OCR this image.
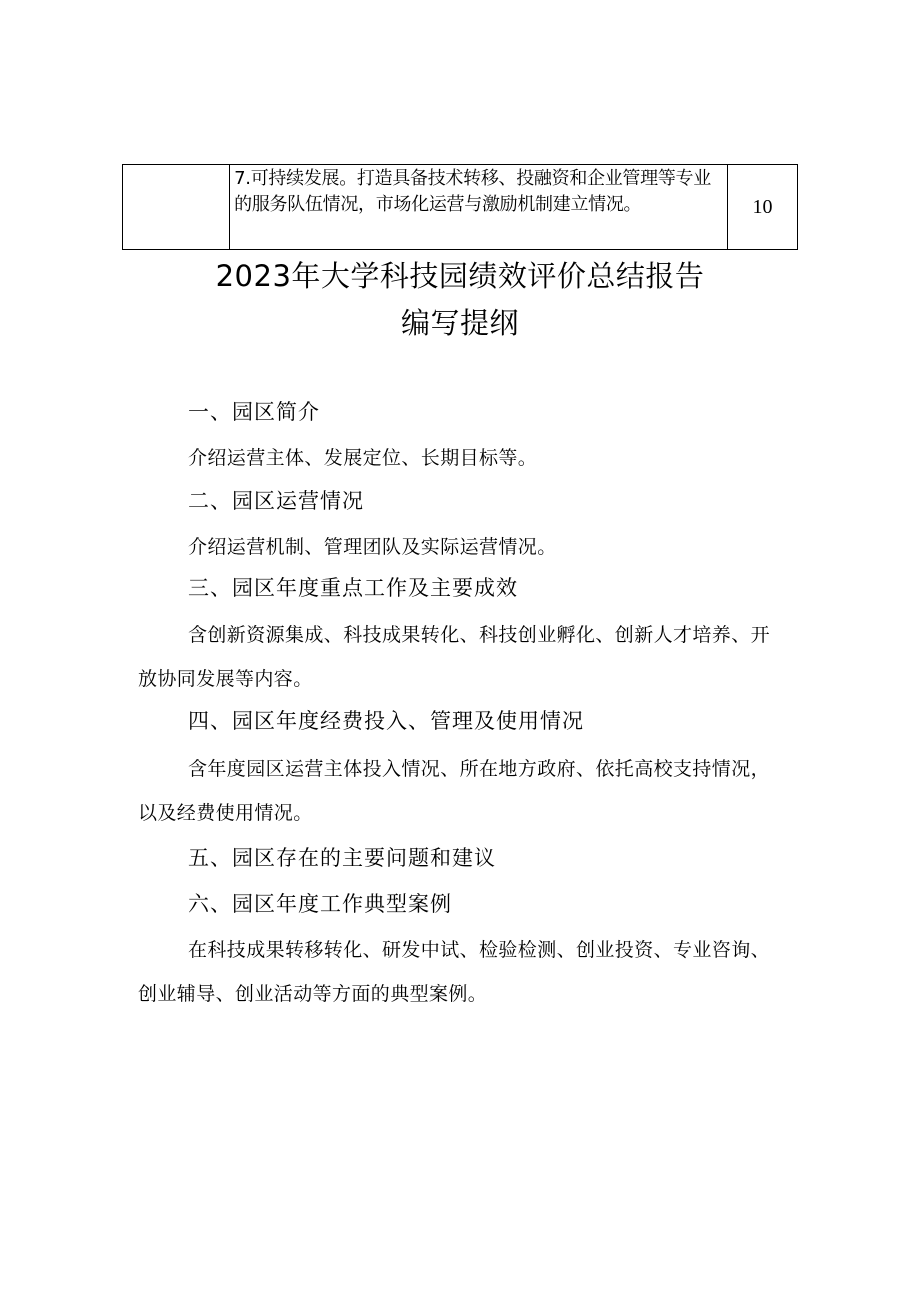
7.可持续发展。打造具备技术转移、投融资和企业管理等专业的服务队伍情况，市场化运营与激励机制建立情况。	10
2023年大学科技园绩效评价总结报告
编写提纲
一、园区简介
介绍运营主体、发展定位、长期目标等。
二、园区运营情况
介绍运营机制、管理团队及实际运营情况。
三、园区年度重点工作及主要成效
含创新资源集成、科技成果转化、科技创业孵化、创新人才培养、开放协同发展等内容。
四、园区年度经费投入、管理及使用情况
含年度园区运营主体投入情况、所在地方政府、依托高校支持情况，以及经费使用情况。
五、园区存在的主要问题和建议
六、园区年度工作典型案例
在科技成果转移转化、研发中试、检验检测、创业投资、专业咨询、创业辅导、创业活动等方面的典型案例。
